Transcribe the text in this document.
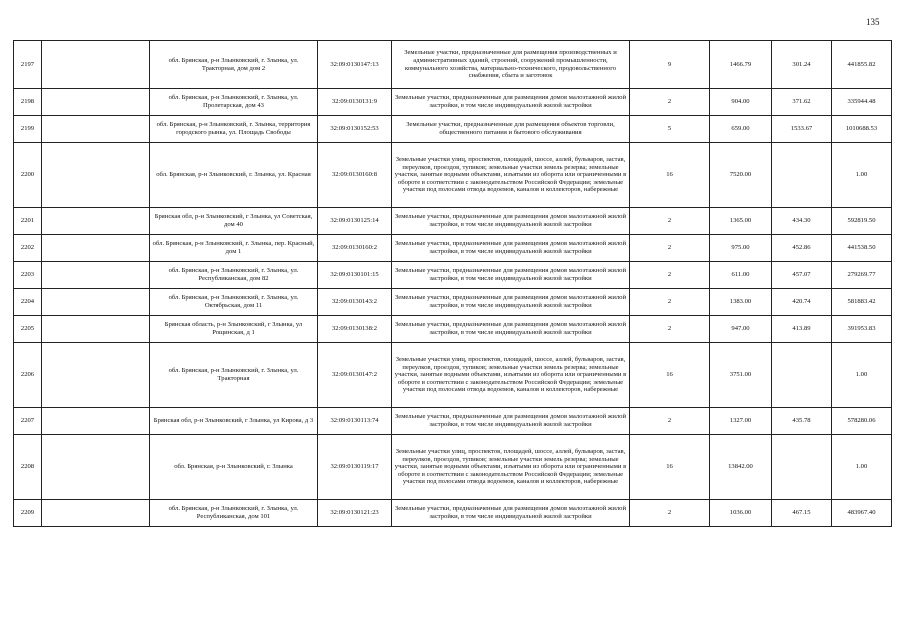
135
2197		обл. Брянская, р-н Злынковский, г. Злынка, ул. Тракторная, дом дом 2	32:09:0130147:13	Земельные участки, предназначенные для размещения производственных и административных зданий, строений, сооружений промышленности, коммунального хозяйства, материально-технического, продовольственного снабжения, сбыта и заготовок	9	1466.79	301.24	441855.82
2198		обл. Брянская, р-н Злынковский, г. Злынка, ул. Пролетарская, дом 43	32:09:0130131:9	Земельные участки, предназначенные для размещения домов малоэтажной жилой застройки, в том числе индивидуальной жилой застройки	2	904.00	371.62	335944.48
2199		обл. Брянская, р-н Злынковский, г. Злынка, территория городского рынка, ул. Площадь Свободы	32:09:0130152:53	Земельные участки, предназначенные для размещения объектов торговли, общественного питания и бытового обслуживания	5	659.00	1533.67	1010688.53
2200		обл. Брянская, р-н Злынковский, г. Злынка, ул. Красная	32:09:0130160:8	Земельные участки улиц, проспектов, площадей, шоссе, аллей, бульваров, застав, переулков, проездов, тупиков; земельные участки земель резерва; земельные участки, занятые водными объектами, изъятыми из оборота или ограниченными в обороте в соответствии с законодательством Российской Федерации; земельные участки под полосами отвода водоемов, каналов и коллекторов, набережные	16	7520.00		1.00
2201		Брянская обл, р-н Злынковский, г Злынка, ул Советская, дом 40	32:09:0130125:14	Земельные участки, предназначенные для размещения домов малоэтажной жилой застройки, в том числе индивидуальной жилой застройки	2	1365.00	434.30	592819.50
2202		обл. Брянская, р-н Злынковский, г. Злынка, пер. Красный, дом 1	32:09:0130160:2	Земельные участки, предназначенные для размещения домов малоэтажной жилой застройки, в том числе индивидуальной жилой застройки	2	975.00	452.86	441538.50
2203		обл. Брянская, р-н Злынковский, г. Злынка, ул. Республиканская, дом 82	32:09:0130101:15	Земельные участки, предназначенные для размещения домов малоэтажной жилой застройки, в том числе индивидуальной жилой застройки	2	611.00	457.07	279269.77
2204		обл. Брянская, р-н Злынковский, г. Злынка, ул. Октябрьская, дом 11	32:09:0130143:2	Земельные участки, предназначенные для размещения домов малоэтажной жилой застройки, в том числе индивидуальной жилой застройки	2	1383.00	420.74	581883.42
2205		Брянская область, р-н Злынковский, г Злынка, ул Рощинская, д 1	32:09:0130138:2	Земельные участки, предназначенные для размещения домов малоэтажной жилой застройки, в том числе индивидуальной жилой застройки	2	947.00	413.89	391953.83
2206		обл. Брянская, р-н Злынковский, г. Злынка, ул. Тракторная	32:09:0130147:2	Земельные участки улиц, проспектов, площадей, шоссе, аллей, бульваров, застав, переулков, проездов, тупиков; земельные участки земель резерва; земельные участки, занятые водными объектами, изъятыми из оборота или ограниченными в обороте в соответствии с законодательством Российской Федерации; земельные участки под полосами отвода водоемов, каналов и коллекторов, набережные	16	3751.00		1.00
2207		Брянская обл, р-н Злынковский, г Злынка, ул Кирова, д 3	32:09:0130113:74	Земельные участки, предназначенные для размещения домов малоэтажной жилой застройки, в том числе индивидуальной жилой застройки	2	1327.00	435.78	578280.06
2208		обл. Брянская, р-н Злынковский, г. Злынка	32:09:0130119:17	Земельные участки улиц, проспектов, площадей, шоссе, аллей, бульваров, застав, переулков, проездов, тупиков; земельные участки земель резерва; земельные участки, занятые водными объектами, изъятыми из оборота или ограниченными в обороте в соответствии с законодательством Российской Федерации; земельные участки под полосами отвода водоемов, каналов и коллекторов, набережные	16	13842.00		1.00
2209		обл. Брянская, р-н Злынковский, г. Злынка, ул. Республиканская, дом 101	32:09:0130121:23	Земельные участки, предназначенные для размещения домов малоэтажной жилой застройки, в том числе индивидуальной жилой застройки	2	1036.00	467.15	483967.40
